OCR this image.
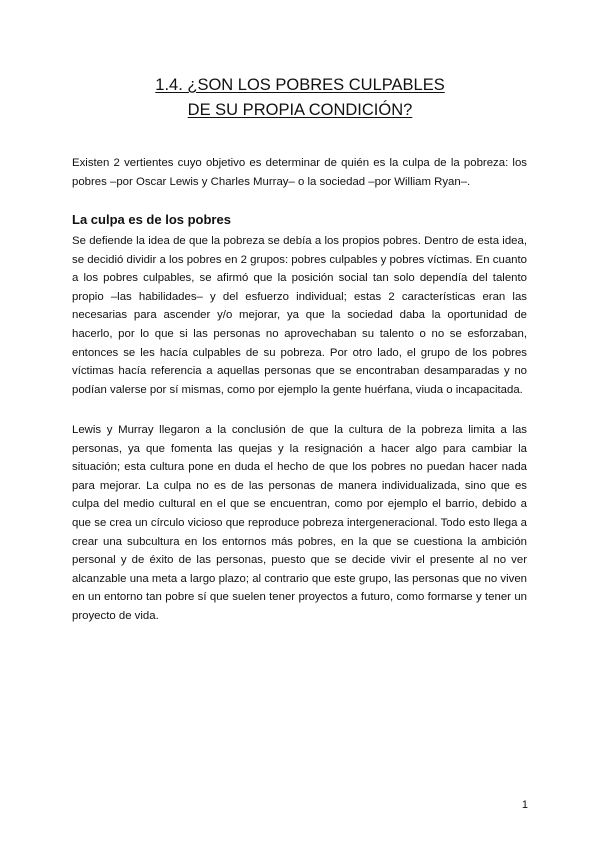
1.4. ¿SON LOS POBRES CULPABLES
DE SU PROPIA CONDICIÓN?

Existen 2 vertientes cuyo objetivo es determinar de quién es la culpa de la pobreza: los pobres –por Oscar Lewis y Charles Murray– o la sociedad –por William Ryan–.

La culpa es de los pobres

Se defiende la idea de que la pobreza se debía a los propios pobres. Dentro de esta idea, se decidió dividir a los pobres en 2 grupos: pobres culpables y pobres víctimas. En cuanto a los pobres culpables, se afirmó que la posición social tan solo dependía del talento propio –las habilidades– y del esfuerzo individual; estas 2 características eran las necesarias para ascender y/o mejorar, ya que la sociedad daba la oportunidad de hacerlo, por lo que si las personas no aprovechaban su talento o no se esforzaban, entonces se les hacía culpables de su pobreza. Por otro lado, el grupo de los pobres víctimas hacía referencia a aquellas personas que se encontraban desamparadas y no podían valerse por sí mismas, como por ejemplo la gente huérfana, viuda o incapacitada.

Lewis y Murray llegaron a la conclusión de que la cultura de la pobreza limita a las personas, ya que fomenta las quejas y la resignación a hacer algo para cambiar la situación; esta cultura pone en duda el hecho de que los pobres no puedan hacer nada para mejorar. La culpa no es de las personas de manera individualizada, sino que es culpa del medio cultural en el que se encuentran, como por ejemplo el barrio, debido a que se crea un círculo vicioso que reproduce pobreza intergeneracional. Todo esto llega a crear una subcultura en los entornos más pobres, en la que se cuestiona la ambición personal y de éxito de las personas, puesto que se decide vivir el presente al no ver alcanzable una meta a largo plazo; al contrario que este grupo, las personas que no viven en un entorno tan pobre sí que suelen tener proyectos a futuro, como formarse y tener un proyecto de vida.

1
